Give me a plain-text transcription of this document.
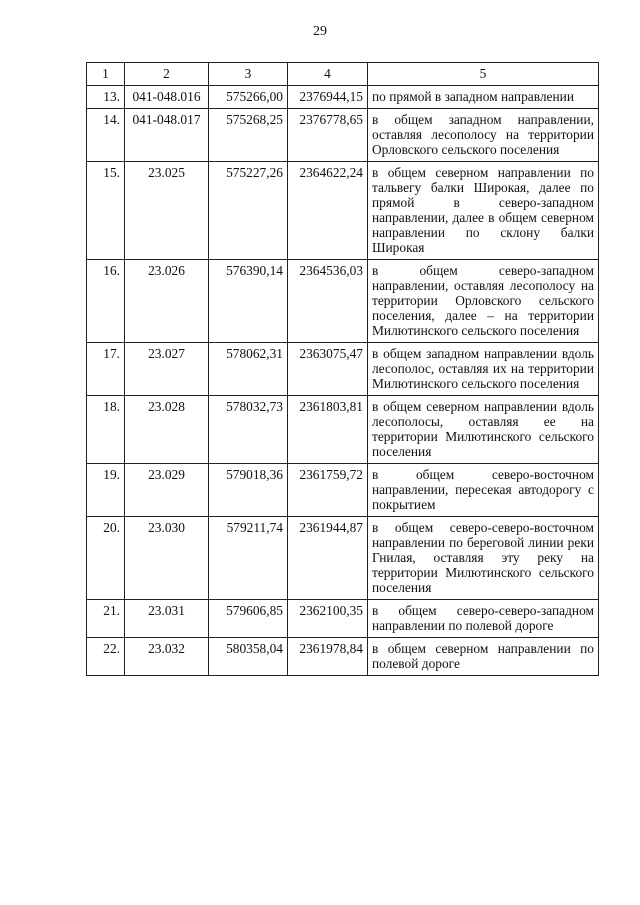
29
1	2	3	4	5
13.	041-048.016	575266,00	2376944,15	по прямой в западном направлении
14.	041-048.017	575268,25	2376778,65	в общем западном направлении, оставляя лесополосу на территории Орловского сельского поселения
15.	23.025	575227,26	2364622,24	в общем северном направлении по тальвегу балки Широкая, далее по прямой в северо-западном направлении, далее в общем северном направлении по склону балки Широкая
16.	23.026	576390,14	2364536,03	в общем северо-западном направлении, оставляя лесополосу на территории Орловского сельского поселения, далее – на территории Милютинского сельского поселения
17.	23.027	578062,31	2363075,47	в общем западном направлении вдоль лесополос, оставляя их на территории Милютинского сельского поселения
18.	23.028	578032,73	2361803,81	в общем северном направлении вдоль лесополосы, оставляя ее на территории Милютинского сельского поселения
19.	23.029	579018,36	2361759,72	в общем северо-восточном направлении, пересекая автодорогу с покрытием
20.	23.030	579211,74	2361944,87	в общем северо-северо-восточном направлении по береговой линии реки Гнилая, оставляя эту реку на территории Милютинского сельского поселения
21.	23.031	579606,85	2362100,35	в общем северо-северо-западном направлении по полевой дороге
22.	23.032	580358,04	2361978,84	в общем северном направлении по полевой дороге
